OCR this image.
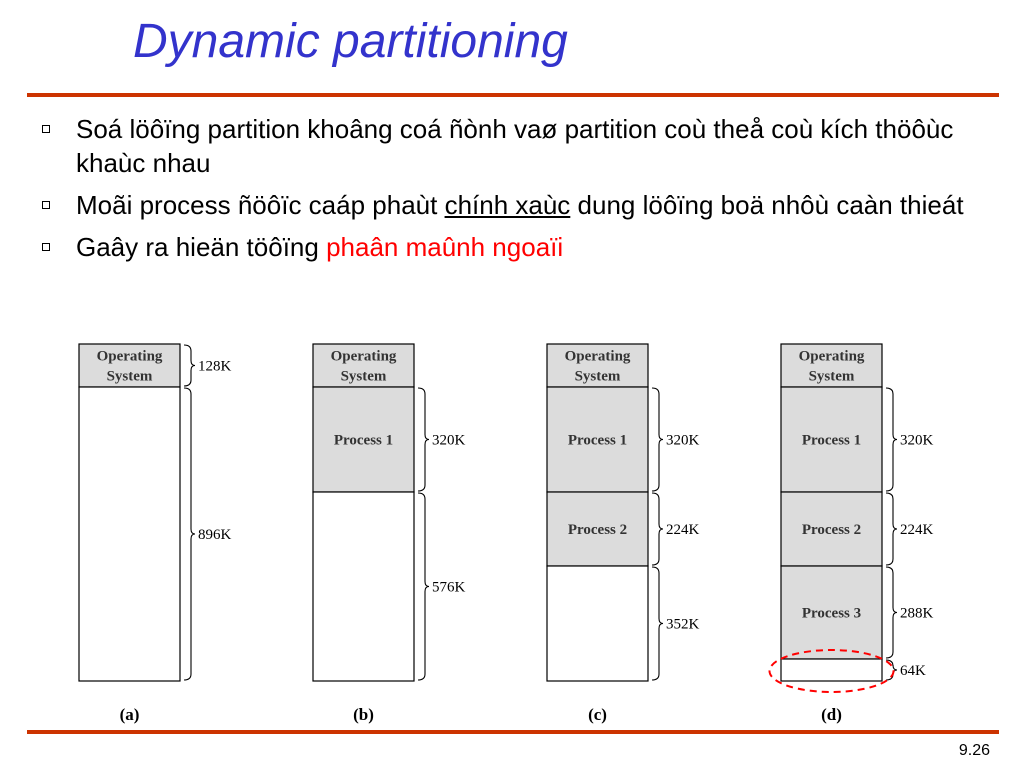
Dynamic partitioning
Soá löôïng partition khoâng coá ñònh vaø partition coù theå coù kích thöôùc khaùc nhau
Moãi process ñöôïc caáp phaùt chính xaùc dung löôïng boä nhôù caàn thieát
Gaây ra hieän töôïng phaân maûnh ngoaïi
Operating
System
128K
896K
(a)
Operating
System
Process 1	320K
576K
(b)
Operating
System
Process 1	320K
Process 2	224K
352K
(c)
Operating
System
Process 1	320K
Process 2	224K
Process 3	288K
64K
(d)
9.26
